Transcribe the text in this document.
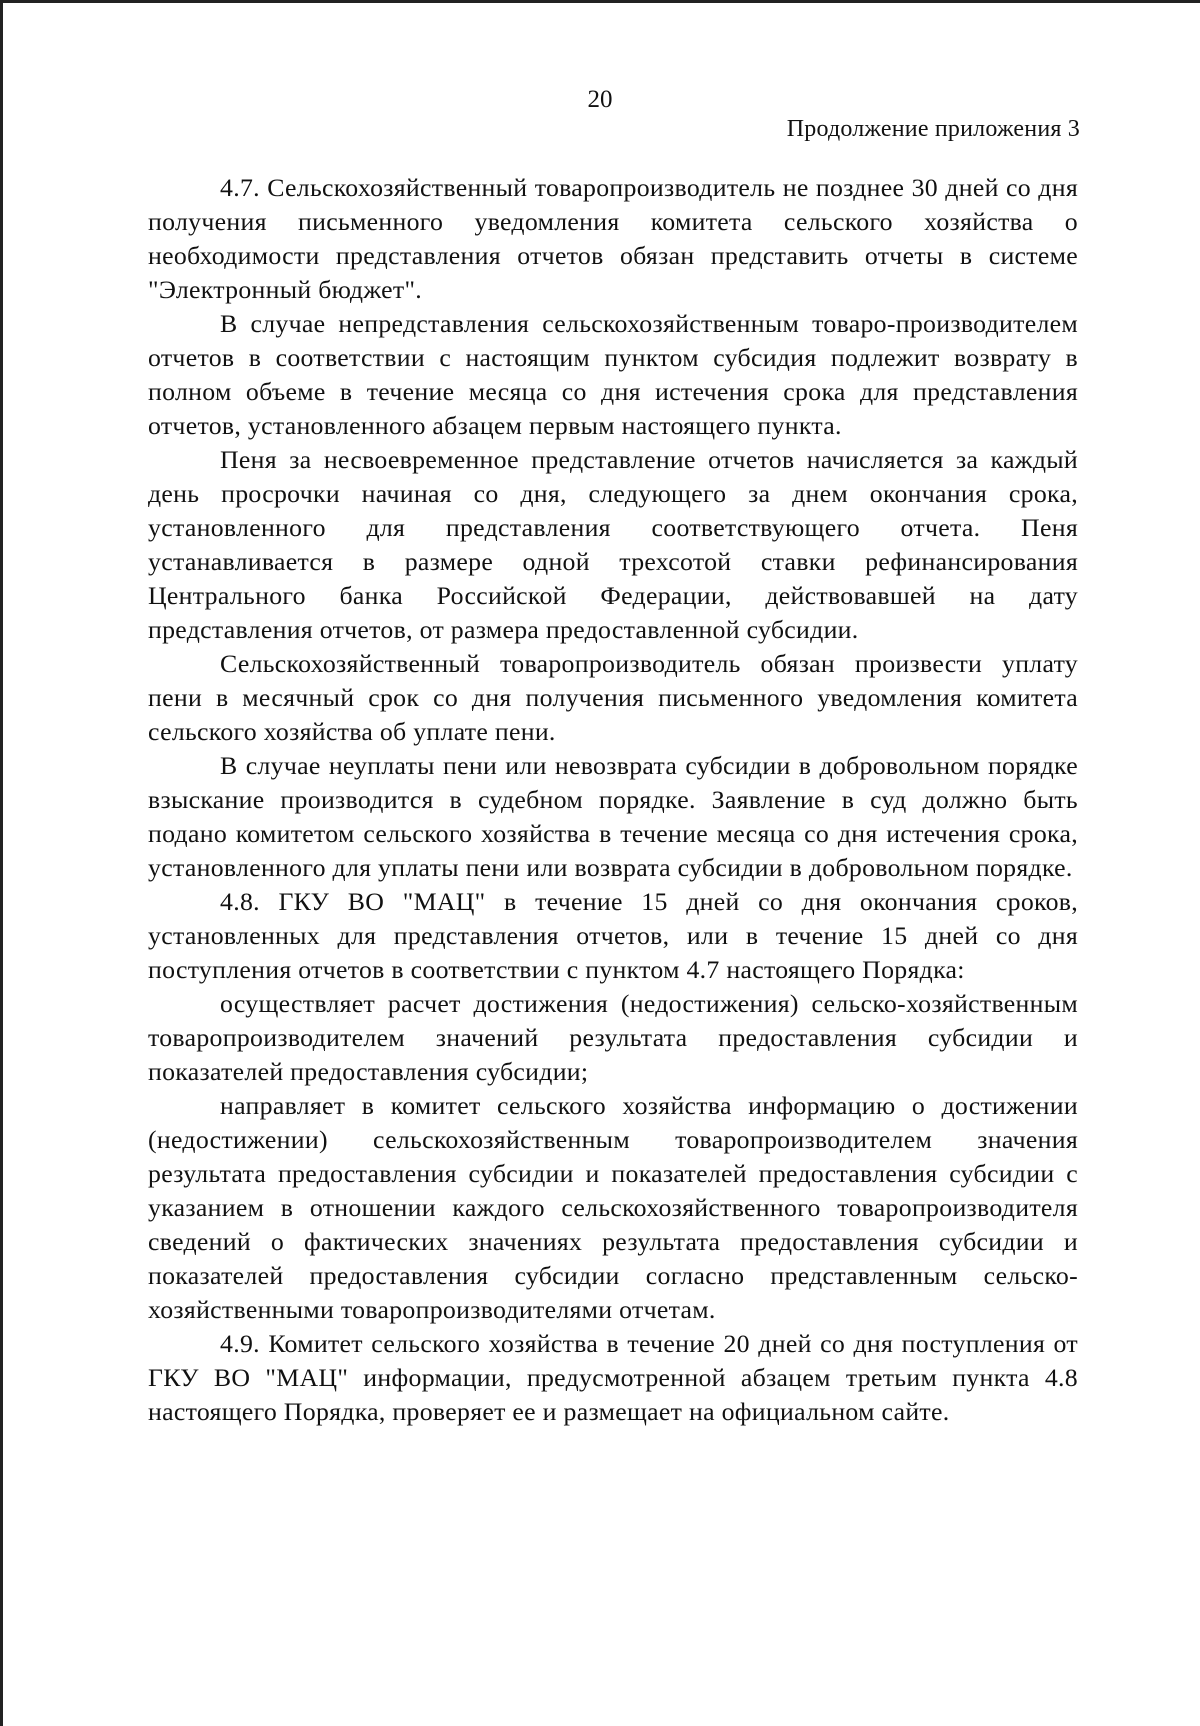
20
Продолжение приложения 3

4.7. Сельскохозяйственный товаропроизводитель не позднее 30 дней со дня получения письменного уведомления комитета сельского хозяйства о необходимости представления отчетов обязан представить отчеты в системе "Электронный бюджет".

В случае непредставления сельскохозяйственным товаро-производителем отчетов в соответствии с настоящим пунктом субсидия подлежит возврату в полном объеме в течение месяца со дня истечения срока для представления отчетов, установленного абзацем первым настоящего пункта.

Пеня за несвоевременное представление отчетов начисляется за каждый день просрочки начиная со дня, следующего за днем окончания срока, установленного для представления соответствующего отчета. Пеня устанавливается в размере одной трехсотой ставки рефинансирования Центрального банка Российской Федерации, действовавшей на дату представления отчетов, от размера предоставленной субсидии.

Сельскохозяйственный товаропроизводитель обязан произвести уплату пени в месячный срок со дня получения письменного уведомления комитета сельского хозяйства об уплате пени.

В случае неуплаты пени или невозврата субсидии в добровольном порядке взыскание производится в судебном порядке. Заявление в суд должно быть подано комитетом сельского хозяйства в течение месяца со дня истечения срока, установленного для уплаты пени или возврата субсидии в добровольном порядке.

4.8. ГКУ ВО "МАЦ" в течение 15 дней со дня окончания сроков, установленных для представления отчетов, или в течение 15 дней со дня поступления отчетов в соответствии с пунктом 4.7 настоящего Порядка:

осуществляет расчет достижения (недостижения) сельско-хозяйственным товаропроизводителем значений результата предоставления субсидии и показателей предоставления субсидии;

направляет в комитет сельского хозяйства информацию о достижении (недостижении) сельскохозяйственным товаропроизводителем значения результата предоставления субсидии и показателей предоставления субсидии с указанием в отношении каждого сельскохозяйственного товаропроизводителя сведений о фактических значениях результата предоставления субсидии и показателей предоставления субсидии согласно представленным сельско-хозяйственными товаропроизводителями отчетам.

4.9. Комитет сельского хозяйства в течение 20 дней со дня поступления от ГКУ ВО "МАЦ" информации, предусмотренной абзацем третьим пункта 4.8 настоящего Порядка, проверяет ее и размещает на официальном сайте.
